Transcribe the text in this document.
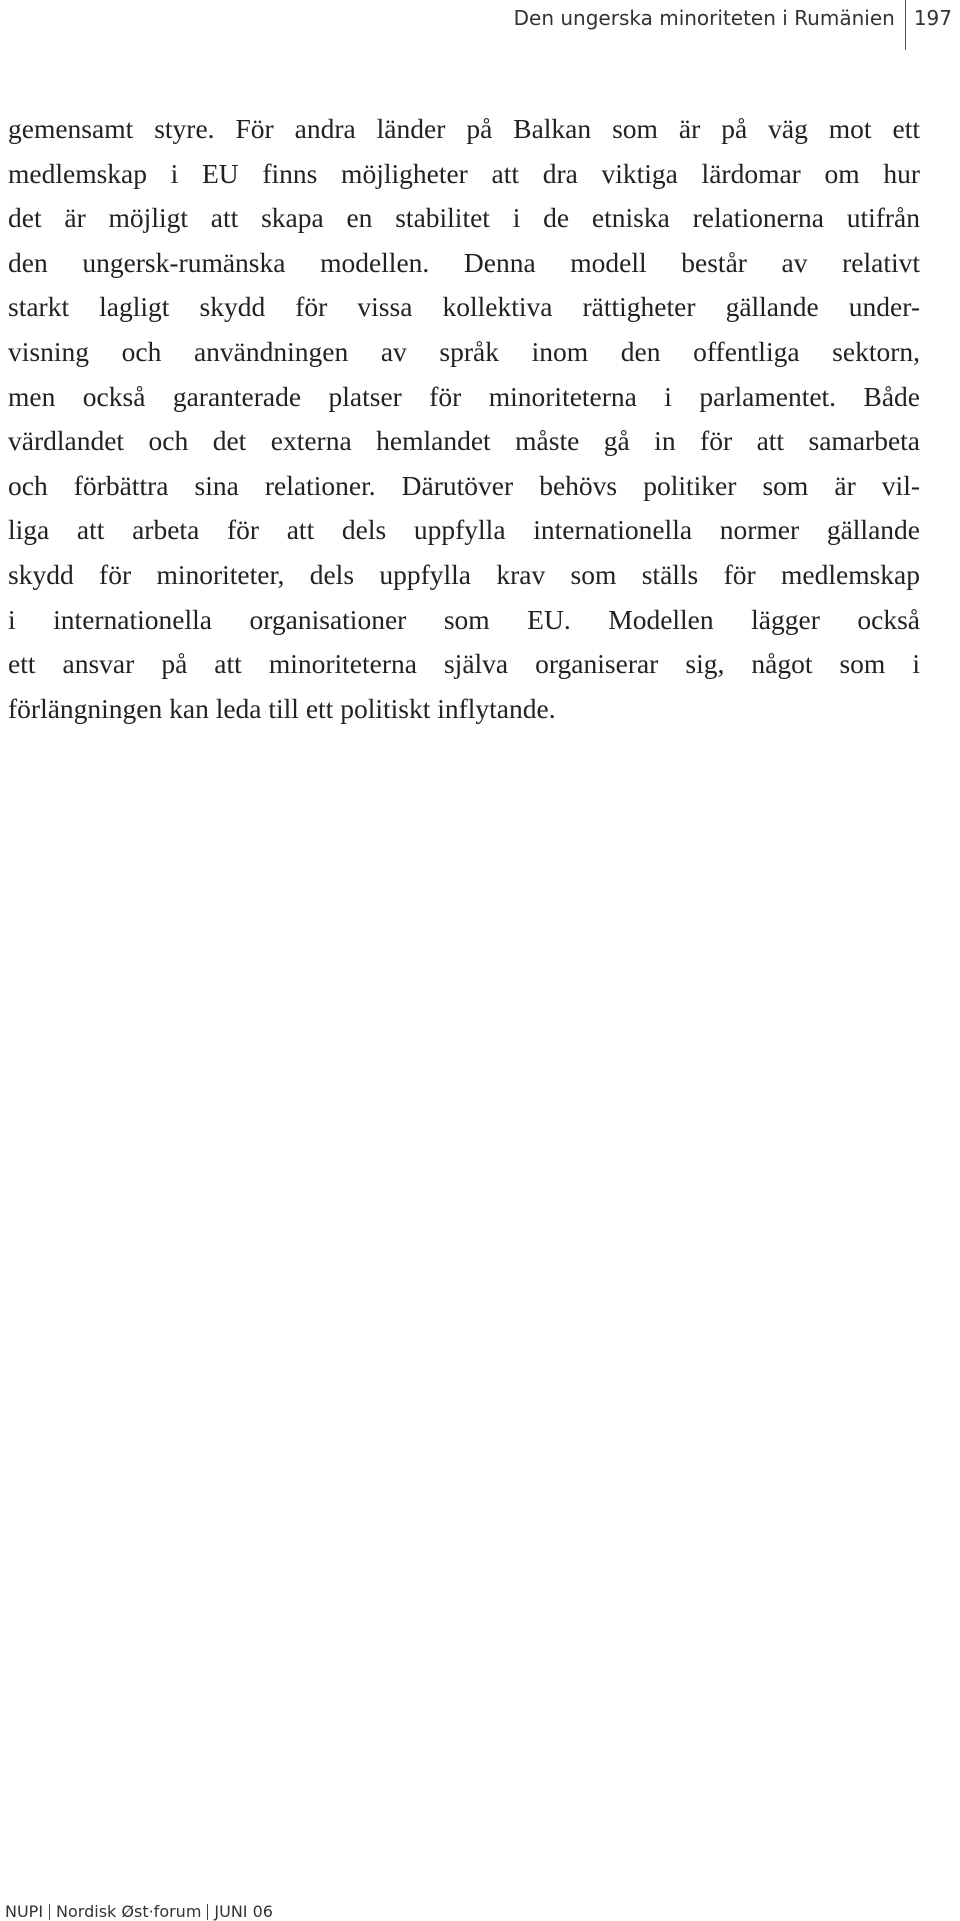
Den ungerska minoriteten i Rumänien 197

gemensamt styre. För andra länder på Balkan som är på väg mot ett
medlemskap i EU finns möjligheter att dra viktiga lärdomar om hur
det är möjligt att skapa en stabilitet i de etniska relationerna utifrån
den ungersk-rumänska modellen. Denna modell består av relativt
starkt lagligt skydd för vissa kollektiva rättigheter gällande under-
visning och användningen av språk inom den offentliga sektorn,
men också garanterade platser för minoriteterna i parlamentet. Både
värdlandet och det externa hemlandet måste gå in för att samarbeta
och förbättra sina relationer. Därutöver behövs politiker som är vil-
liga att arbeta för att dels uppfylla internationella normer gällande
skydd för minoriteter, dels uppfylla krav som ställs för medlemskap
i internationella organisationer som EU. Modellen lägger också
ett ansvar på att minoriteterna själva organiserar sig, något som i
förlängningen kan leda till ett politiskt inflytande.

NUPI Nordisk Øst·forum JUNI 06
